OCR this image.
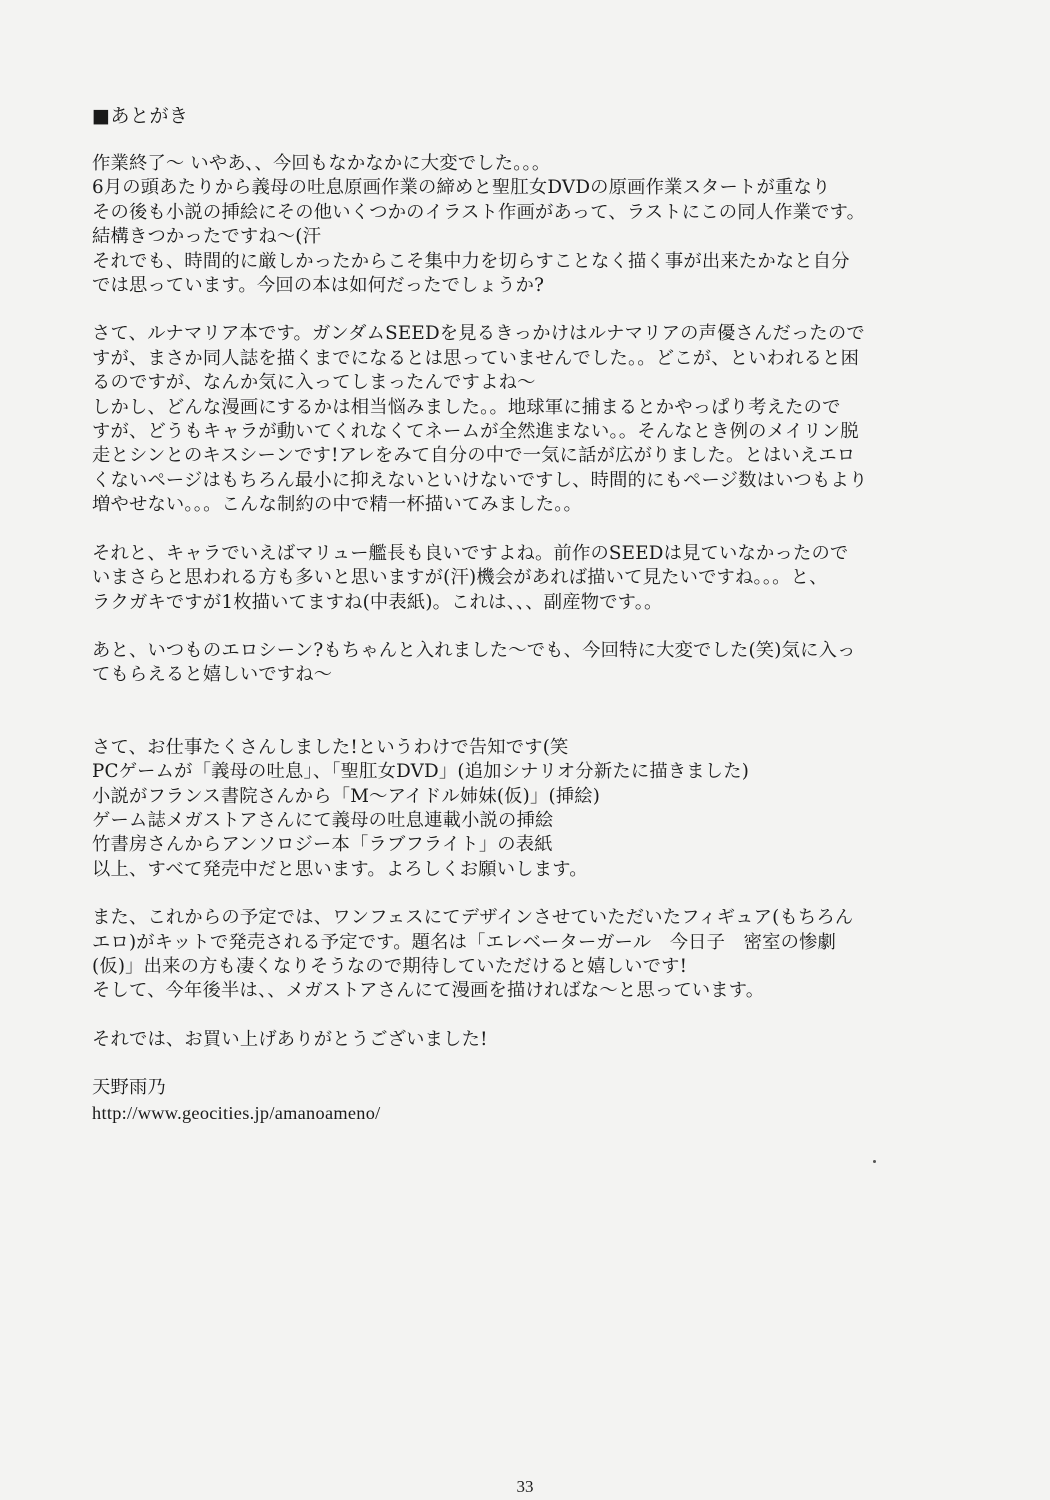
■あとがき
作業終了～ いやあ、、今回もなかなかに大変でした。。。
6月の頭あたりから義母の吐息原画作業の締めと聖肛女DVDの原画作業スタートが重なり
その後も小説の挿絵にその他いくつかのイラスト作画があって、ラストにこの同人作業です。
結構きつかったですね～(汗
それでも、時間的に厳しかったからこそ集中力を切らすことなく描く事が出来たかなと自分
では思っています。今回の本は如何だったでしょうか?
さて、ルナマリア本です。ガンダムSEEDを見るきっかけはルナマリアの声優さんだったので
すが、まさか同人誌を描くまでになるとは思っていませんでした。。どこが、といわれると困
るのですが、なんか気に入ってしまったんですよね～
しかし、どんな漫画にするかは相当悩みました。。地球軍に捕まるとかやっぱり考えたので
すが、どうもキャラが動いてくれなくてネームが全然進まない。。そんなとき例のメイリン脱
走とシンとのキスシーンです!アレをみて自分の中で一気に話が広がりました。とはいえエロ
くないページはもちろん最小に抑えないといけないですし、時間的にもページ数はいつもより
増やせない。。。こんな制約の中で精一杯描いてみました。。
それと、キャラでいえばマリュー艦長も良いですよね。前作のSEEDは見ていなかったので
いまさらと思われる方も多いと思いますが(汗)機会があれば描いて見たいですね。。。と、
ラクガキですが1枚描いてますね(中表紙)。これは、、、副産物です。。
あと、いつものエロシーン?もちゃんと入れました～でも、今回特に大変でした(笑)気に入っ
てもらえると嬉しいですね～
さて、お仕事たくさんしました!というわけで告知です(笑
PCゲームが「義母の吐息」、「聖肛女DVD」(追加シナリオ分新たに描きました)
小説がフランス書院さんから「M～アイドル姉妹(仮)」(挿絵)
ゲーム誌メガストアさんにて義母の吐息連載小説の挿絵
竹書房さんからアンソロジー本「ラブフライト」の表紙
以上、すべて発売中だと思います。よろしくお願いします。
また、これからの予定では、ワンフェスにてデザインさせていただいたフィギュア(もちろん
エロ)がキットで発売される予定です。題名は「エレベーターガール　今日子　密室の惨劇
(仮)」出来の方も凄くなりそうなので期待していただけると嬉しいです!
そして、今年後半は、、メガストアさんにて漫画を描ければな～と思っています。
それでは、お買い上げありがとうございました!
天野雨乃
http://www.geocities.jp/amanoameno/
33
